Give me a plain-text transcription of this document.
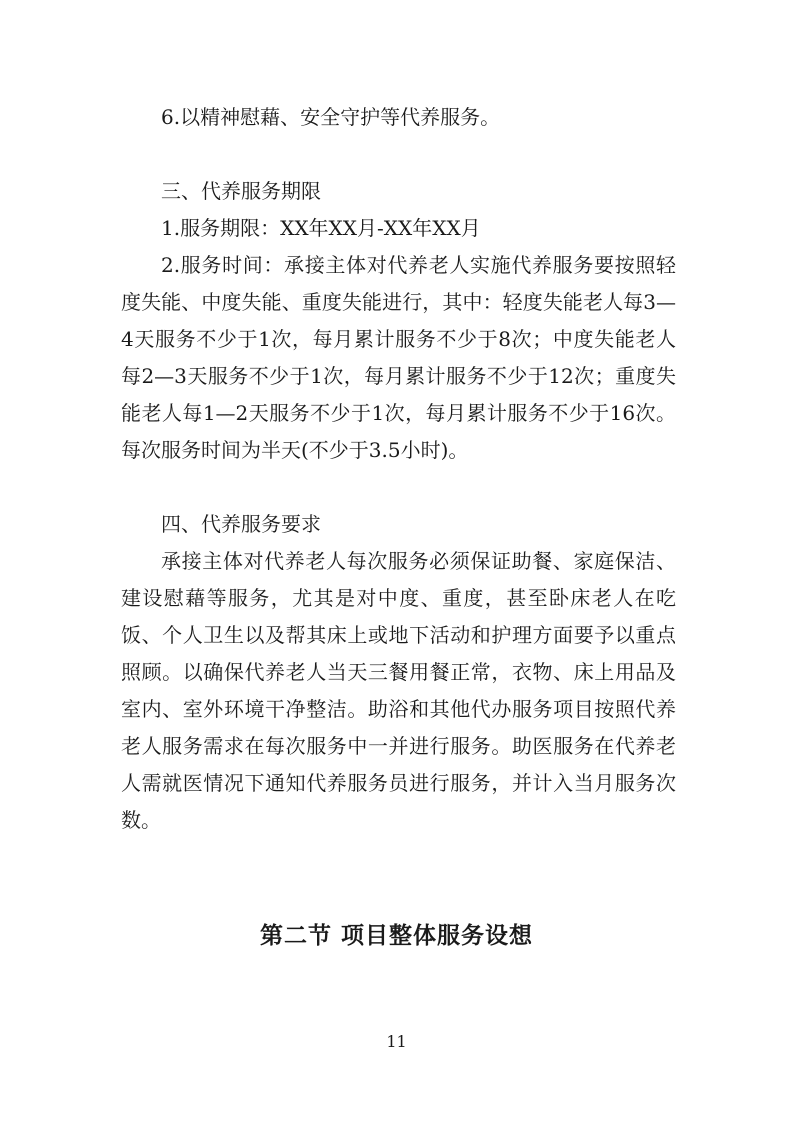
6.以精神慰藉、安全守护等代养服务。

三、代养服务期限

1.服务期限：XX年XX月-XX年XX月

2.服务时间：承接主体对代养老人实施代养服务要按照轻度失能、中度失能、重度失能进行，其中：轻度失能老人每3—4天服务不少于1次，每月累计服务不少于8次；中度失能老人每2—3天服务不少于1次，每月累计服务不少于12次；重度失能老人每1—2天服务不少于1次，每月累计服务不少于16次。每次服务时间为半天(不少于3.5小时)。

四、代养服务要求

承接主体对代养老人每次服务必须保证助餐、家庭保洁、建设慰藉等服务，尤其是对中度、重度，甚至卧床老人在吃饭、个人卫生以及帮其床上或地下活动和护理方面要予以重点照顾。以确保代养老人当天三餐用餐正常，衣物、床上用品及室内、室外环境干净整洁。助浴和其他代办服务项目按照代养老人服务需求在每次服务中一并进行服务。助医服务在代养老人需就医情况下通知代养服务员进行服务，并计入当月服务次数。

第二节 项目整体服务设想
11
